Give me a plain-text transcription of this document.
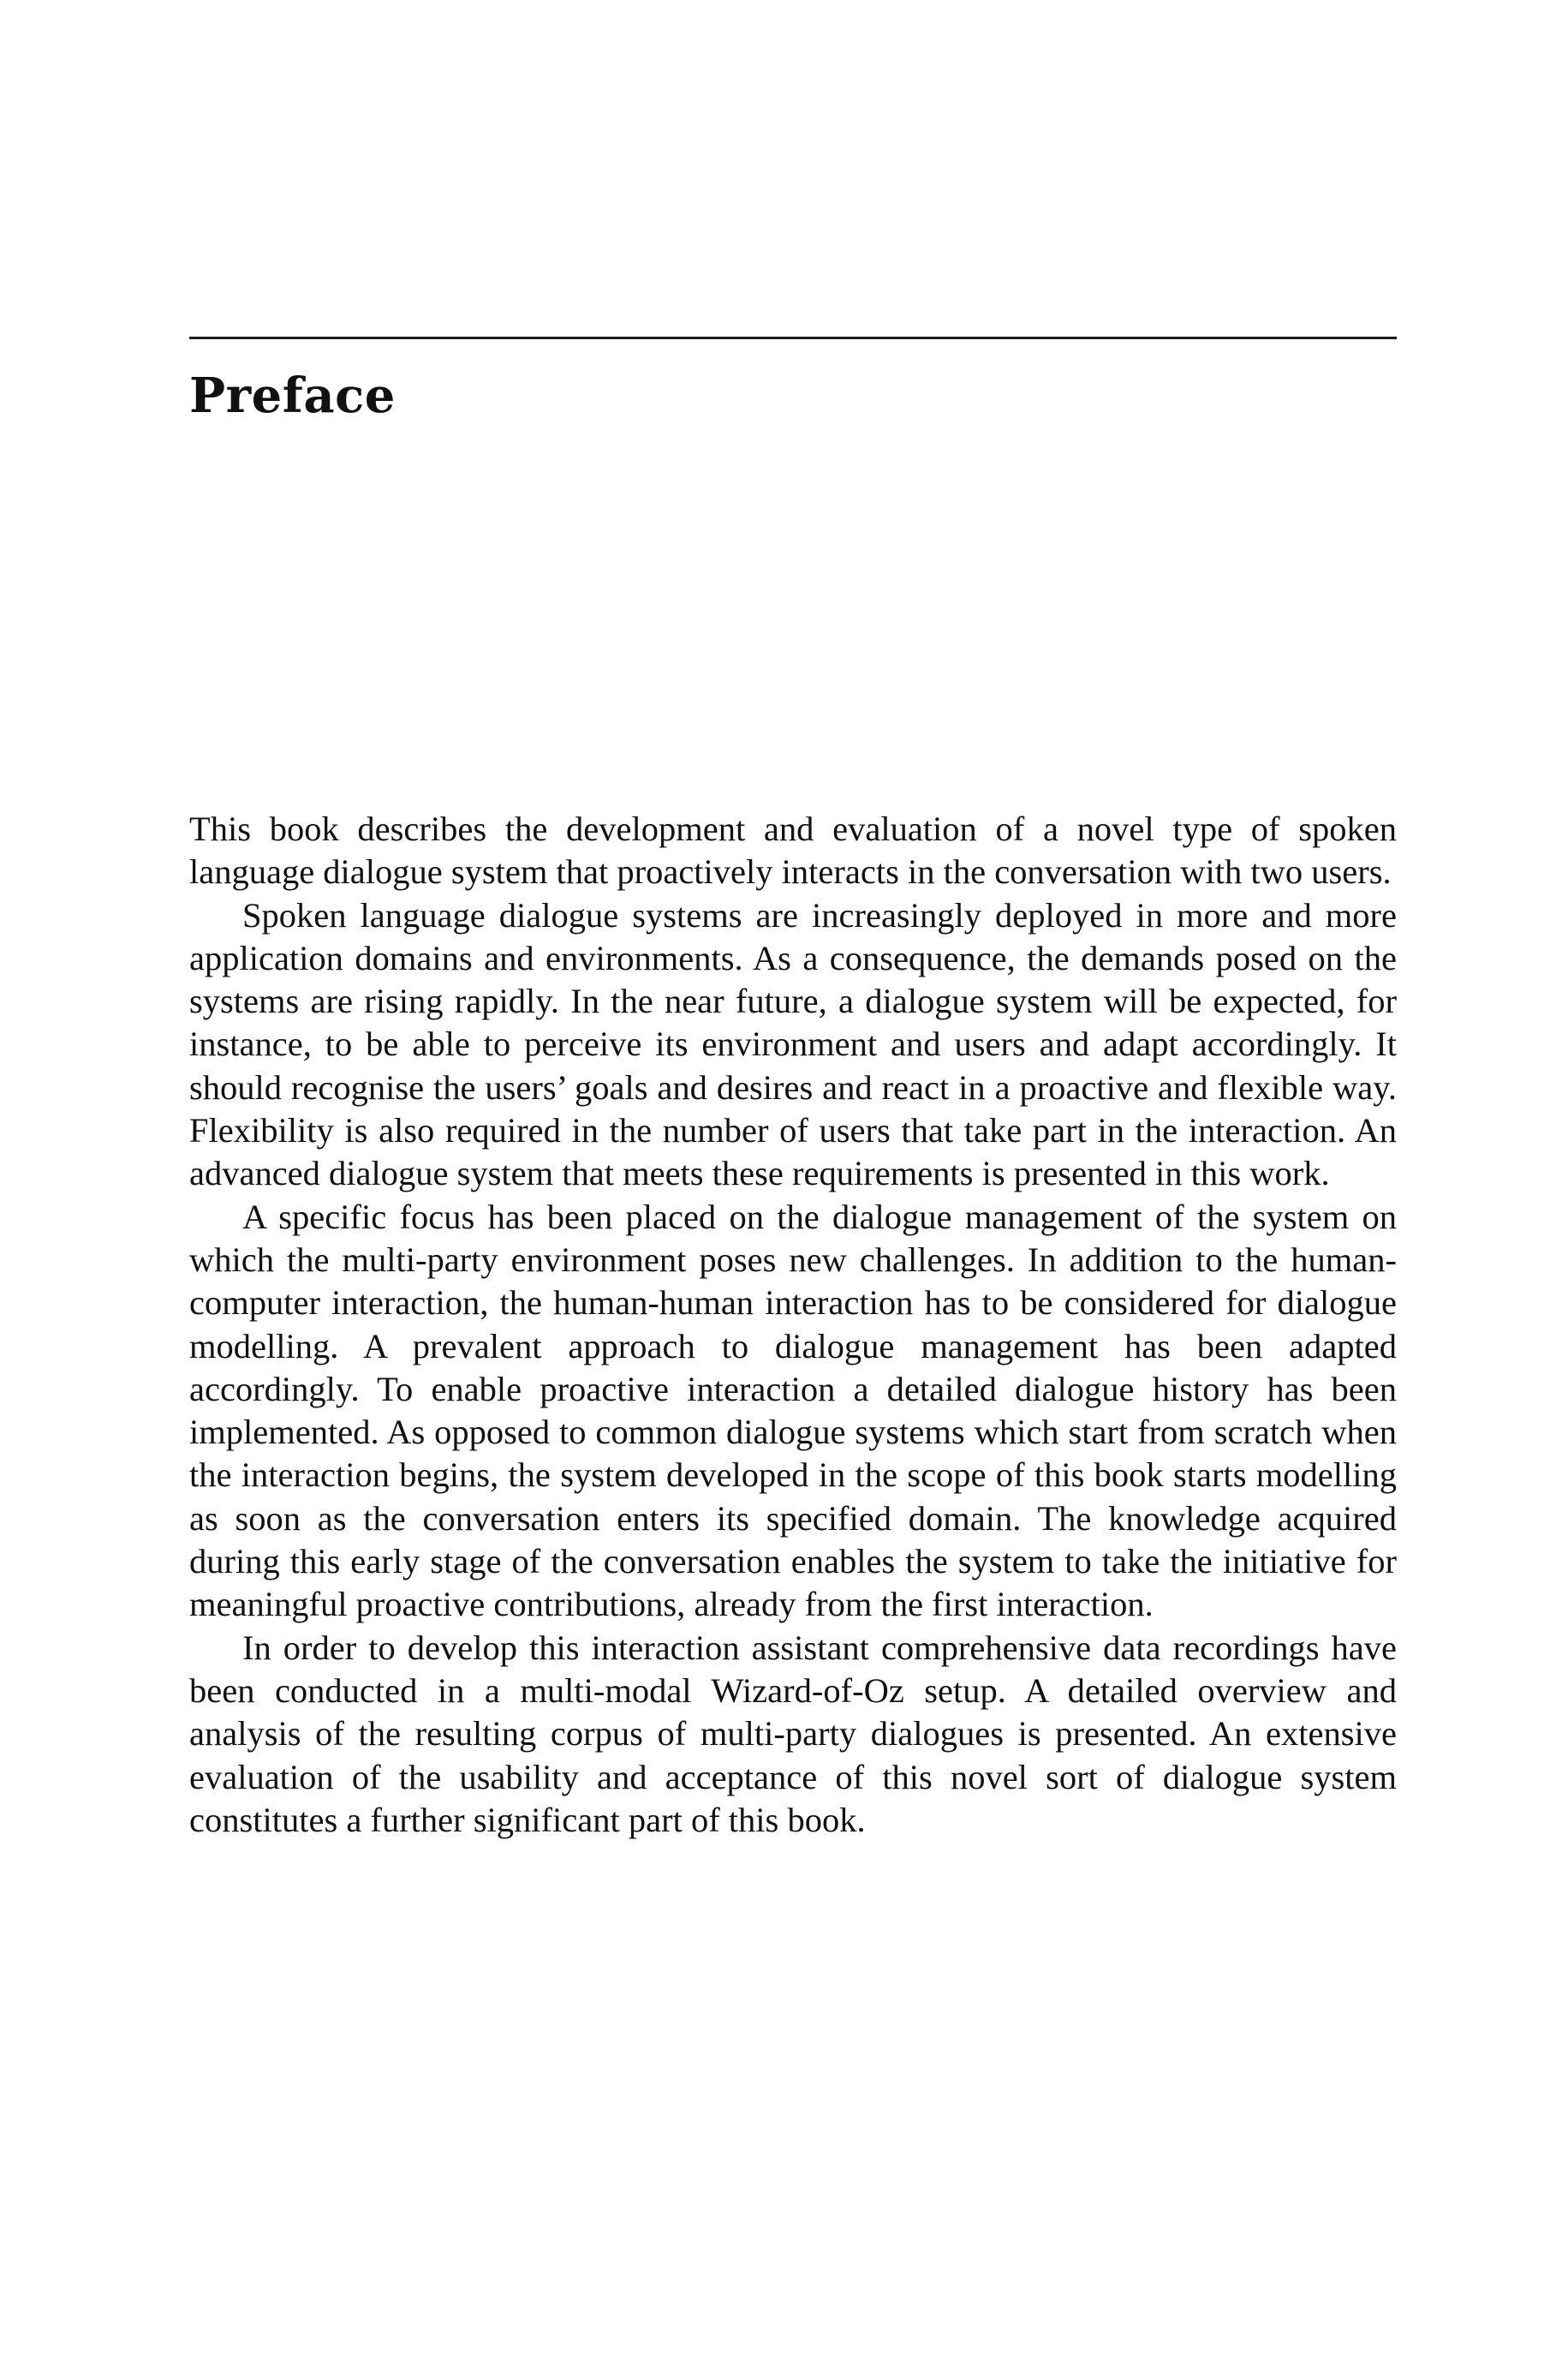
Preface

This book describes the development and evaluation of a novel type of spoken language dialogue system that proactively interacts in the conversation with two users.

Spoken language dialogue systems are increasingly deployed in more and more application domains and environments. As a consequence, the demands posed on the systems are rising rapidly. In the near future, a dialogue system will be expected, for instance, to be able to perceive its environment and users and adapt accordingly. It should recognise the users’ goals and desires and react in a proactive and flexible way. Flexibility is also required in the number of users that take part in the interaction. An advanced dialogue system that meets these requirements is presented in this work.

A specific focus has been placed on the dialogue management of the system on which the multi-party environment poses new challenges. In addition to the human-computer interaction, the human-human interaction has to be considered for dialogue modelling. A prevalent approach to dialogue management has been adapted accordingly. To enable proactive interaction a detailed dialogue history has been implemented. As opposed to common dialogue systems which start from scratch when the interaction begins, the system developed in the scope of this book starts modelling as soon as the conversation enters its specified domain. The knowledge acquired during this early stage of the conversation enables the system to take the initiative for meaningful proactive contributions, already from the first interaction.

In order to develop this interaction assistant comprehensive data recordings have been conducted in a multi-modal Wizard-of-Oz setup. A detailed overview and analysis of the resulting corpus of multi-party dialogues is presented. An extensive evaluation of the usability and acceptance of this novel sort of dialogue system constitutes a further significant part of this book.
